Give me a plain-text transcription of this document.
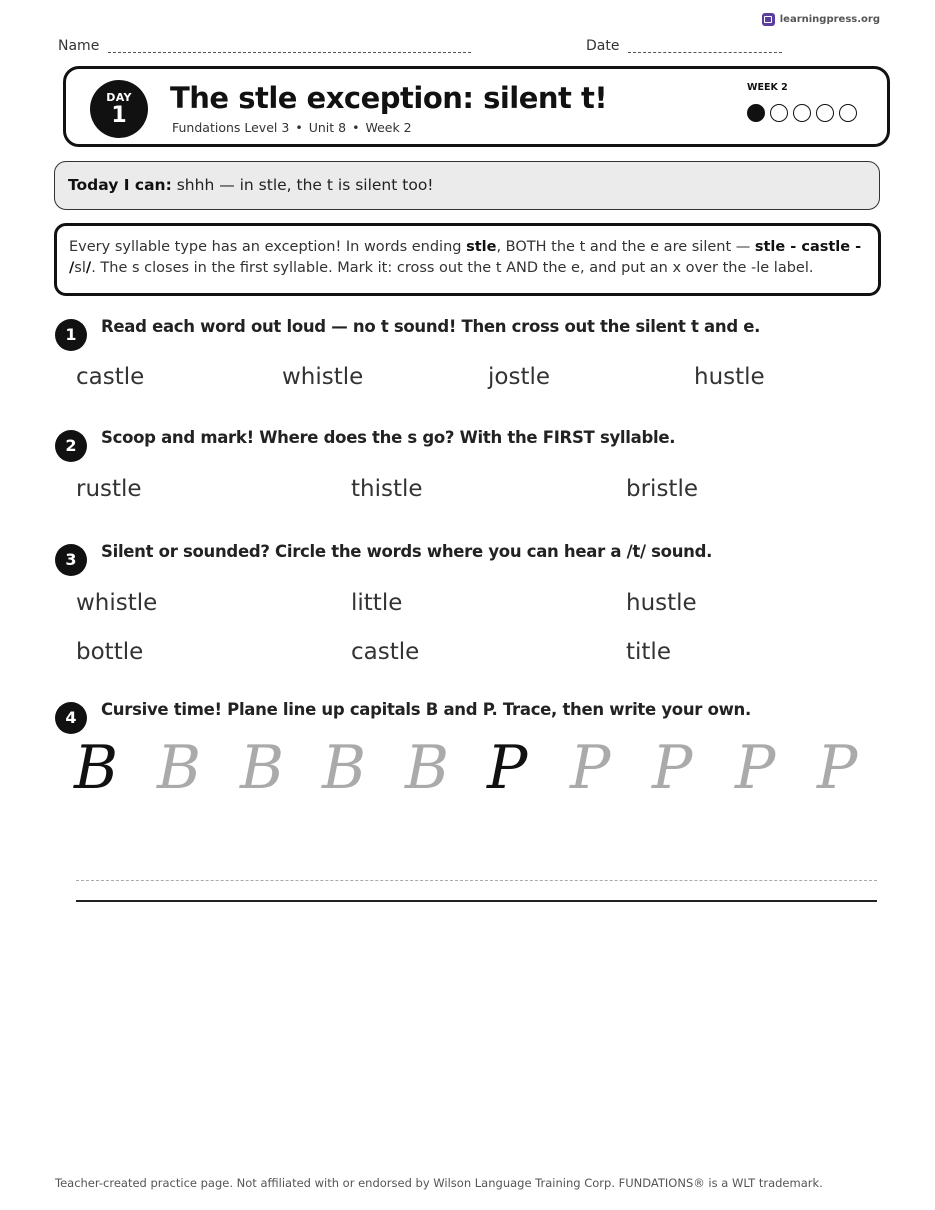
learningpress.org
Name	Date
DAY
1
The stle exception: silent t!
Fundations Level 3 • Unit 8 • Week 2
WEEK 2
Today I can: shhh — in stle, the t is silent too!
Every syllable type has an exception! In words ending stle, BOTH the t and the e are silent — stle - castle - /sl/. The s closes in the first syllable. Mark it: cross out the t AND the e, and put an x over the -le label.
1	Read each word out loud — no t sound! Then cross out the silent t and e.
castle	whistle	jostle	hustle
2	Scoop and mark! Where does the s go? With the FIRST syllable.
rustle	thistle	bristle
3	Silent or sounded? Circle the words where you can hear a /t/ sound.
whistle	little	hustle
bottle	castle	title
4	Cursive time! Plane line up capitals B and P. Trace, then write your own.
B B B B B P P P P P
Teacher-created practice page. Not affiliated with or endorsed by Wilson Language Training Corp. FUNDATIONS® is a WLT trademark.
